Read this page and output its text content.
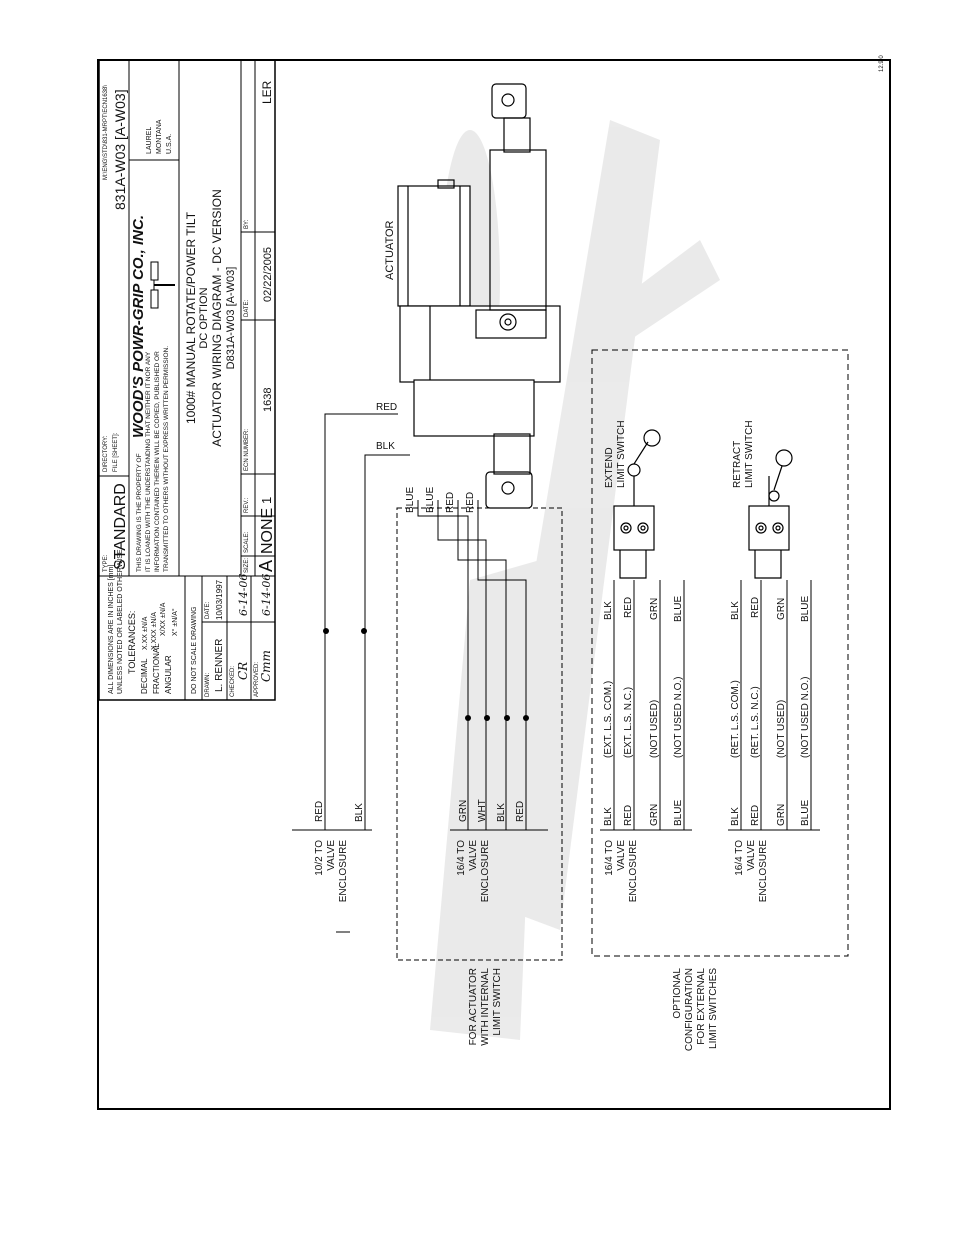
12.9.0
ALL DIMENSIONS ARE IN INCHES [mm] UNLESS NOTED OR LABELED OTHERWISE TOLERANCES:
DECIMAL FRACTIONAL ANGULAR
X.XX ±N/A X.XXX ±N/A X/XX ±N/A X° ±N/A° DO NOT SCALE DRAWING DRAWN: L. RENNER
DATE: 10/03/1997
CHECKED: CR
6-14-06
APPROVED: Cmm
6-14-06
TYPE: STANDARD
DIRECTORY:
M:\ENG\STD\831-MRPT\ECN1638\
FILE [SHEET]:
831A-W03 [A-W03]
THIS DRAWING IS THE PROPERTY OF IT IS LOANED WITH THE UNDERSTANDING THAT NEITHER IT NOR ANY INFORMATION CONTAINED THEREIN WILL BE COPIED, PUBLISHED OR TRANSMITTED TO OTHERS WITHOUT EXPRESS WRITTEN PERMISSION.
WOOD'S POWR-GRIP CO., INC.
LAUREL MONTANA U.S.A.
1000# MANUAL ROTATE/POWER TILT DC OPTION ACTUATOR WIRING DIAGRAM - DC VERSION D831A-W03 [A-W03]
SIZE: A
SCALE: NONE
REV.: 1
ECN NUMBER:
1638
DATE:
02/22/2005
BY:
LER
ACTUATOR
RED
BLK
BLUE BLUE RED RED
RED	BLK
10/2 TO VALVE ENCLOSURE
GRN WHT BLK RED
16/4 TO VALVE ENCLOSURE
FOR ACTUATOR WITH INTERNAL LIMIT SWITCH
EXTEND LIMIT SWITCH
BLK RED GRN BLUE
(EXT. L.S. COM.) (EXT. L.S. N.C.) (NOT USED) (NOT USED N.O.)
BLK RED GRN BLUE
16/4 TO VALVE ENCLOSURE
RETRACT LIMIT SWITCH
BLK RED GRN BLUE
(RET. L.S. COM.) (RET. L.S. N.C.) (NOT USED) (NOT USED N.O.)
BLK RED GRN BLUE
16/4 TO VALVE ENCLOSURE
OPTIONAL CONFIGURATION FOR EXTERNAL LIMIT SWITCHES
